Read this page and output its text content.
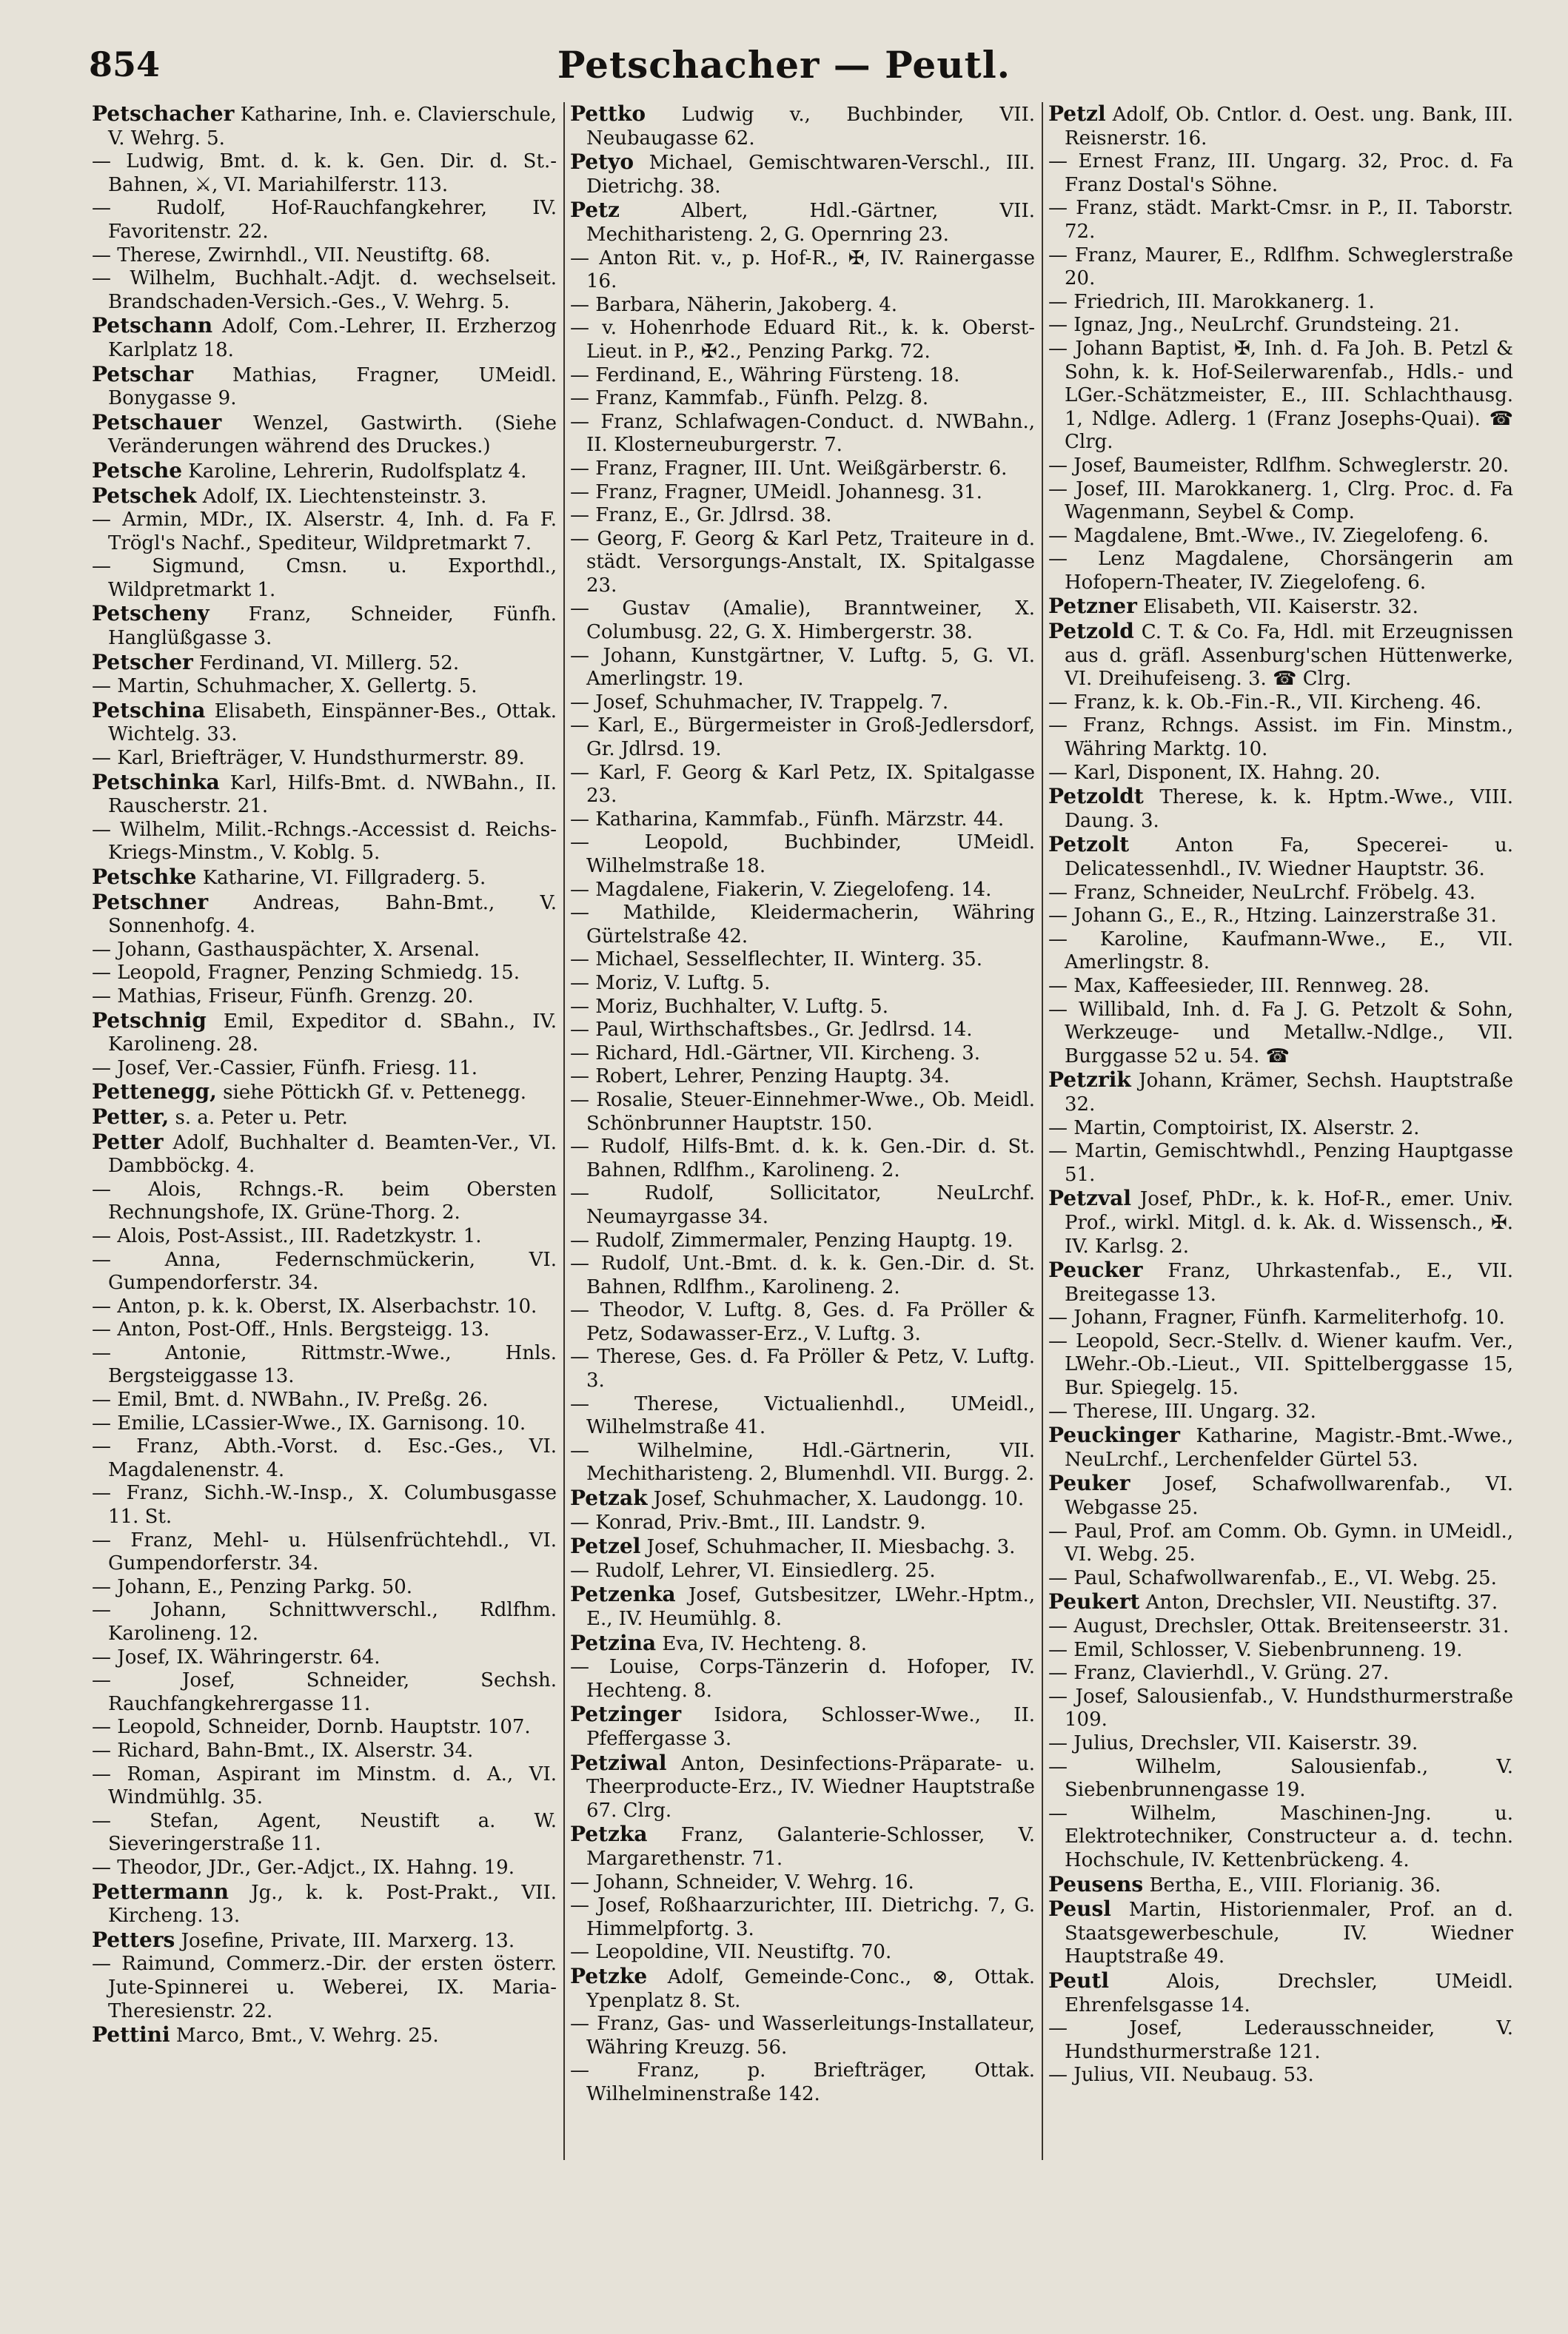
854	Petschacher — Peutl.
Petschacher Katharine, Inh. e. Clavierschule, V. Wehrg. 5.
— Ludwig, Bmt. d. k. k. Gen. Dir. d. St.-Bahnen, ⚔, VI. Mariahilferstr. 113.
— Rudolf, Hof-Rauchfangkehrer, IV. Favoritenstr. 22.
— Therese, Zwirnhdl., VII. Neustiftg. 68.
— Wilhelm, Buchhalt.-Adjt. d. wechselseit. Brandschaden-Versich.-Ges., V. Wehrg. 5.
Petschann Adolf, Com.-Lehrer, II. Erzherzog Karlplatz 18.
Petschar Mathias, Fragner, UMeidl. Bonygasse 9.
Petschauer Wenzel, Gastwirth. (Siehe Veränderungen während des Druckes.)
Petsche Karoline, Lehrerin, Rudolfsplatz 4.
Petschek Adolf, IX. Liechtensteinstr. 3.
— Armin, MDr., IX. Alserstr. 4, Inh. d. Fa F. Trögl's Nachf., Spediteur, Wildpretmarkt 7.
— Sigmund, Cmsn. u. Exporthdl., Wildpretmarkt 1.
Petscheny Franz, Schneider, Fünfh. Hanglüßgasse 3.
Petscher Ferdinand, VI. Millerg. 52.
— Martin, Schuhmacher, X. Gellertg. 5.
Petschina Elisabeth, Einspänner-Bes., Ottak. Wichtelg. 33.
— Karl, Briefträger, V. Hundsthurmerstr. 89.
Petschinka Karl, Hilfs-Bmt. d. NWBahn., II. Rauscherstr. 21.
— Wilhelm, Milit.-Rchngs.-Accessist d. Reichs-Kriegs-Minstm., V. Koblg. 5.
Petschke Katharine, VI. Fillgraderg. 5.
Petschner Andreas, Bahn-Bmt., V. Sonnenhofg. 4.
— Johann, Gasthauspächter, X. Arsenal.
— Leopold, Fragner, Penzing Schmiedg. 15.
— Mathias, Friseur, Fünfh. Grenzg. 20.
Petschnig Emil, Expeditor d. SBahn., IV. Karolineng. 28.
— Josef, Ver.-Cassier, Fünfh. Friesg. 11.
Pettenegg, siehe Pöttickh Gf. v. Pettenegg.
Petter, s. a. Peter u. Petr.
Petter Adolf, Buchhalter d. Beamten-Ver., VI. Dambböckg. 4.
— Alois, Rchngs.-R. beim Obersten Rechnungshofe, IX. Grüne-Thorg. 2.
— Alois, Post-Assist., III. Radetzkystr. 1.
— Anna, Federnschmückerin, VI. Gumpendorferstr. 34.
— Anton, p. k. k. Oberst, IX. Alserbachstr. 10.
— Anton, Post-Off., Hnls. Bergsteigg. 13.
— Antonie, Rittmstr.-Wwe., Hnls. Bergsteiggasse 13.
— Emil, Bmt. d. NWBahn., IV. Preßg. 26.
— Emilie, LCassier-Wwe., IX. Garnisong. 10.
— Franz, Abth.-Vorst. d. Esc.-Ges., VI. Magdalenenstr. 4.
— Franz, Sichh.-W.-Insp., X. Columbusgasse 11. St.
— Franz, Mehl- u. Hülsenfrüchtehdl., VI. Gumpendorferstr. 34.
— Johann, E., Penzing Parkg. 50.
— Johann, Schnittwverschl., Rdlfhm. Karolineng. 12.
— Josef, IX. Währingerstr. 64.
— Josef, Schneider, Sechsh. Rauchfangkehrergasse 11.
— Leopold, Schneider, Dornb. Hauptstr. 107.
— Richard, Bahn-Bmt., IX. Alserstr. 34.
— Roman, Aspirant im Minstm. d. A., VI. Windmühlg. 35.
— Stefan, Agent, Neustift a. W. Sieveringerstraße 11.
— Theodor, JDr., Ger.-Adjct., IX. Hahng. 19.
Pettermann Jg., k. k. Post-Prakt., VII. Kircheng. 13.
Petters Josefine, Private, III. Marxerg. 13.
— Raimund, Commerz.-Dir. der ersten österr. Jute-Spinnerei u. Weberei, IX. Maria-Theresienstr. 22.
Pettini Marco, Bmt., V. Wehrg. 25.
Pettko Ludwig v., Buchbinder, VII. Neubaugasse 62.
Petyo Michael, Gemischtwaren-Verschl., III. Dietrichg. 38.
Petz Albert, Hdl.-Gärtner, VII. Mechitharisteng. 2, G. Opernring 23.
— Anton Rit. v., p. Hof-R., ✠, IV. Rainergasse 16.
— Barbara, Näherin, Jakoberg. 4.
— v. Hohenrhode Eduard Rit., k. k. Oberst-Lieut. in P., ✠2., Penzing Parkg. 72.
— Ferdinand, E., Währing Fürsteng. 18.
— Franz, Kammfab., Fünfh. Pelzg. 8.
— Franz, Schlafwagen-Conduct. d. NWBahn., II. Klosterneuburgerstr. 7.
— Franz, Fragner, III. Unt. Weißgärberstr. 6.
— Franz, Fragner, UMeidl. Johannesg. 31.
— Franz, E., Gr. Jdlrsd. 38.
— Georg, F. Georg & Karl Petz, Traiteure in d. städt. Versorgungs-Anstalt, IX. Spitalgasse 23.
— Gustav (Amalie), Branntweiner, X. Columbusg. 22, G. X. Himbergerstr. 38.
— Johann, Kunstgärtner, V. Luftg. 5, G. VI. Amerlingstr. 19.
— Josef, Schuhmacher, IV. Trappelg. 7.
— Karl, E., Bürgermeister in Groß-Jedlersdorf, Gr. Jdlrsd. 19.
— Karl, F. Georg & Karl Petz, IX. Spitalgasse 23.
— Katharina, Kammfab., Fünfh. Märzstr. 44.
— Leopold, Buchbinder, UMeidl. Wilhelmstraße 18.
— Magdalene, Fiakerin, V. Ziegelofeng. 14.
— Mathilde, Kleidermacherin, Währing Gürtelstraße 42.
— Michael, Sesselflechter, II. Winterg. 35.
— Moriz, V. Luftg. 5.
— Moriz, Buchhalter, V. Luftg. 5.
— Paul, Wirthschaftsbes., Gr. Jedlrsd. 14.
— Richard, Hdl.-Gärtner, VII. Kircheng. 3.
— Robert, Lehrer, Penzing Hauptg. 34.
— Rosalie, Steuer-Einnehmer-Wwe., Ob. Meidl. Schönbrunner Hauptstr. 150.
— Rudolf, Hilfs-Bmt. d. k. k. Gen.-Dir. d. St. Bahnen, Rdlfhm., Karolineng. 2.
— Rudolf, Sollicitator, NeuLrchf. Neumayrgasse 34.
— Rudolf, Zimmermaler, Penzing Hauptg. 19.
— Rudolf, Unt.-Bmt. d. k. k. Gen.-Dir. d. St. Bahnen, Rdlfhm., Karolineng. 2.
— Theodor, V. Luftg. 8, Ges. d. Fa Pröller & Petz, Sodawasser-Erz., V. Luftg. 3.
— Therese, Ges. d. Fa Pröller & Petz, V. Luftg. 3.
— Therese, Victualienhdl., UMeidl., Wilhelmstraße 41.
— Wilhelmine, Hdl.-Gärtnerin, VII. Mechitharisteng. 2, Blumenhdl. VII. Burgg. 2.
Petzak Josef, Schuhmacher, X. Laudongg. 10.
— Konrad, Priv.-Bmt., III. Landstr. 9.
Petzel Josef, Schuhmacher, II. Miesbachg. 3.
— Rudolf, Lehrer, VI. Einsiedlerg. 25.
Petzenka Josef, Gutsbesitzer, LWehr.-Hptm., E., IV. Heumühlg. 8.
Petzina Eva, IV. Hechteng. 8.
— Louise, Corps-Tänzerin d. Hofoper, IV. Hechteng. 8.
Petzinger Isidora, Schlosser-Wwe., II. Pfeffergasse 3.
Petziwal Anton, Desinfections-Präparate- u. Theerproducte-Erz., IV. Wiedner Hauptstraße 67. Clrg.
Petzka Franz, Galanterie-Schlosser, V. Margarethenstr. 71.
— Johann, Schneider, V. Wehrg. 16.
— Josef, Roßhaarzurichter, III. Dietrichg. 7, G. Himmelpfortg. 3.
— Leopoldine, VII. Neustiftg. 70.
Petzke Adolf, Gemeinde-Conc., ⊗, Ottak. Ypenplatz 8. St.
— Franz, Gas- und Wasserleitungs-Installateur, Währing Kreuzg. 56.
— Franz, p. Briefträger, Ottak. Wilhelminenstraße 142.
Petzl Adolf, Ob. Cntlor. d. Oest. ung. Bank, III. Reisnerstr. 16.
— Ernest Franz, III. Ungarg. 32, Proc. d. Fa Franz Dostal's Söhne.
— Franz, städt. Markt-Cmsr. in P., II. Taborstr. 72.
— Franz, Maurer, E., Rdlfhm. Schweglerstraße 20.
— Friedrich, III. Marokkanerg. 1.
— Ignaz, Jng., NeuLrchf. Grundsteing. 21.
— Johann Baptist, ✠, Inh. d. Fa Joh. B. Petzl & Sohn, k. k. Hof-Seilerwarenfab., Hdls.- und LGer.-Schätzmeister, E., III. Schlachthausg. 1, Ndlge. Adlerg. 1 (Franz Josephs-Quai). ☎ Clrg.
— Josef, Baumeister, Rdlfhm. Schweglerstr. 20.
— Josef, III. Marokkanerg. 1, Clrg. Proc. d. Fa Wagenmann, Seybel & Comp.
— Magdalene, Bmt.-Wwe., IV. Ziegelofeng. 6.
— Lenz Magdalene, Chorsängerin am Hofopern-Theater, IV. Ziegelofeng. 6.
Petzner Elisabeth, VII. Kaiserstr. 32.
Petzold C. T. & Co. Fa, Hdl. mit Erzeugnissen aus d. gräfl. Assenburg'schen Hüttenwerke, VI. Dreihufeiseng. 3. ☎ Clrg.
— Franz, k. k. Ob.-Fin.-R., VII. Kircheng. 46.
— Franz, Rchngs. Assist. im Fin. Minstm., Währing Marktg. 10.
— Karl, Disponent, IX. Hahng. 20.
Petzoldt Therese, k. k. Hptm.-Wwe., VIII. Daung. 3.
Petzolt Anton Fa, Specerei- u. Delicatessenhdl., IV. Wiedner Hauptstr. 36.
— Franz, Schneider, NeuLrchf. Fröbelg. 43.
— Johann G., E., R., Htzing. Lainzerstraße 31.
— Karoline, Kaufmann-Wwe., E., VII. Amerlingstr. 8.
— Max, Kaffeesieder, III. Rennweg. 28.
— Willibald, Inh. d. Fa J. G. Petzolt & Sohn, Werkzeuge- und Metallw.-Ndlge., VII. Burggasse 52 u. 54. ☎
Petzrik Johann, Krämer, Sechsh. Hauptstraße 32.
— Martin, Comptoirist, IX. Alserstr. 2.
— Martin, Gemischtwhdl., Penzing Hauptgasse 51.
Petzval Josef, PhDr., k. k. Hof-R., emer. Univ. Prof., wirkl. Mitgl. d. k. Ak. d. Wissensch., ✠. IV. Karlsg. 2.
Peucker Franz, Uhrkastenfab., E., VII. Breitegasse 13.
— Johann, Fragner, Fünfh. Karmeliterhofg. 10.
— Leopold, Secr.-Stellv. d. Wiener kaufm. Ver., LWehr.-Ob.-Lieut., VII. Spittelberggasse 15, Bur. Spiegelg. 15.
— Therese, III. Ungarg. 32.
Peuckinger Katharine, Magistr.-Bmt.-Wwe., NeuLrchf., Lerchenfelder Gürtel 53.
Peuker Josef, Schafwollwarenfab., VI. Webgasse 25.
— Paul, Prof. am Comm. Ob. Gymn. in UMeidl., VI. Webg. 25.
— Paul, Schafwollwarenfab., E., VI. Webg. 25.
Peukert Anton, Drechsler, VII. Neustiftg. 37.
— August, Drechsler, Ottak. Breitenseerstr. 31.
— Emil, Schlosser, V. Siebenbrunneng. 19.
— Franz, Clavierhdl., V. Grüng. 27.
— Josef, Salousienfab., V. Hundsthurmerstraße 109.
— Julius, Drechsler, VII. Kaiserstr. 39.
— Wilhelm, Salousienfab., V. Siebenbrunnengasse 19.
— Wilhelm, Maschinen-Jng. u. Elektrotechniker, Constructeur a. d. techn. Hochschule, IV. Kettenbrückeng. 4.
Peusens Bertha, E., VIII. Florianig. 36.
Peusl Martin, Historienmaler, Prof. an d. Staatsgewerbeschule, IV. Wiedner Hauptstraße 49.
Peutl Alois, Drechsler, UMeidl. Ehrenfelsgasse 14.
— Josef, Lederausschneider, V. Hundsthurmerstraße 121.
— Julius, VII. Neubaug. 53.
